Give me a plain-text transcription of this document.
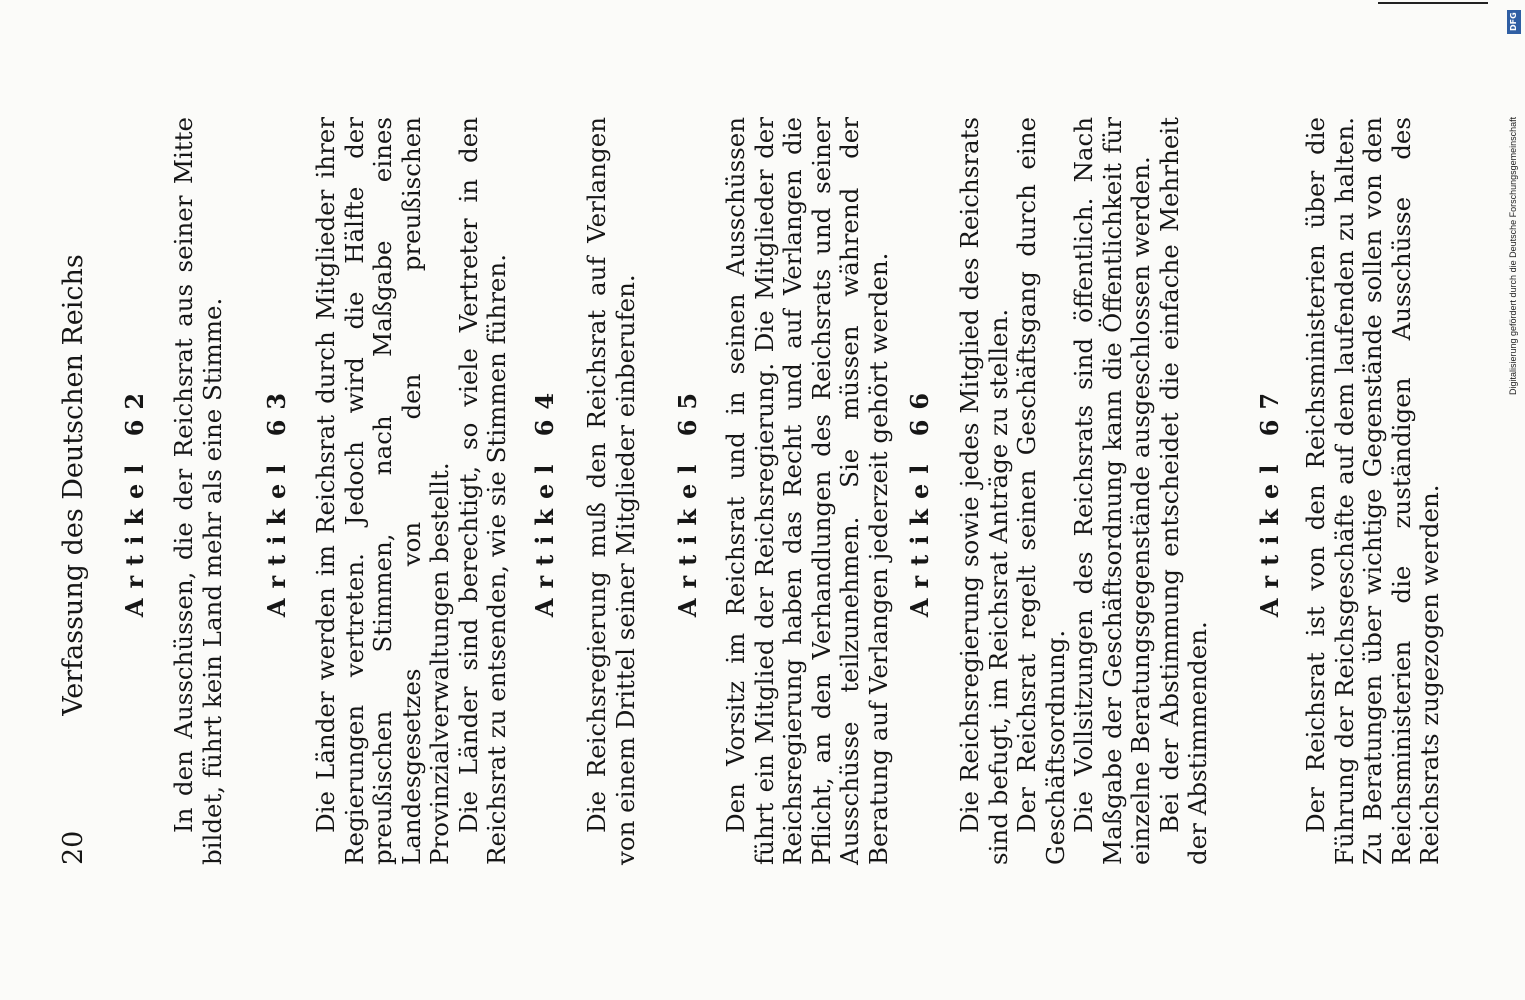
DFG
Digitalisierung gefördert durch die Deutsche Forschungsgemeinschaft
20
Verfassung des Deutschen Reichs Artikel 62 In den Ausschüssen, die der Reichsrat aus seiner Mitte bildet, führt kein Land mehr als eine Stimme. Artikel 63 Die Länder werden im Reichsrat durch Mitglieder ihrer Regierungen vertreten. Jedoch wird die Hälfte der preußischen Stimmen, nach Maßgabe eines Landesgesetzes von den preußischen Provinzialverwaltungen bestellt. Die Länder sind berechtigt, so viele Vertreter in den Reichsrat zu entsenden, wie sie Stimmen führen. Artikel 64 Die Reichsregierung muß den Reichsrat auf Verlangen von einem Drittel seiner Mitglieder einberufen. Artikel 65 Den Vorsitz im Reichsrat und in seinen Ausschüssen führt ein Mitglied der Reichsregierung. Die Mitglieder der Reichsregierung haben das Recht und auf Verlangen die Pflicht, an den Verhandlungen des Reichsrats und seiner Ausschüsse teilzunehmen. Sie müssen während der Beratung auf Verlangen jederzeit gehört werden. Artikel 66 Die Reichsregierung sowie jedes Mitglied des Reichsrats sind befugt, im Reichsrat Anträge zu stellen. Der Reichsrat regelt seinen Geschäftsgang durch eine Geschäftsordnung. Die Vollsitzungen des Reichsrats sind öffentlich. Nach Maßgabe der Geschäftsordnung kann die Öffentlichkeit für einzelne Beratungsgegenstände ausgeschlossen werden. Bei der Abstimmung entscheidet die einfache Mehrheit der Abstimmenden.

Artikel 67 Der Reichsrat ist von den Reichsministerien über die Führung der Reichsgeschäfte auf dem laufenden zu halten. Zu Beratungen über wichtige Gegenstände sollen von den Reichsministerien die zuständigen Ausschüsse des Reichsrats zugezogen werden.
